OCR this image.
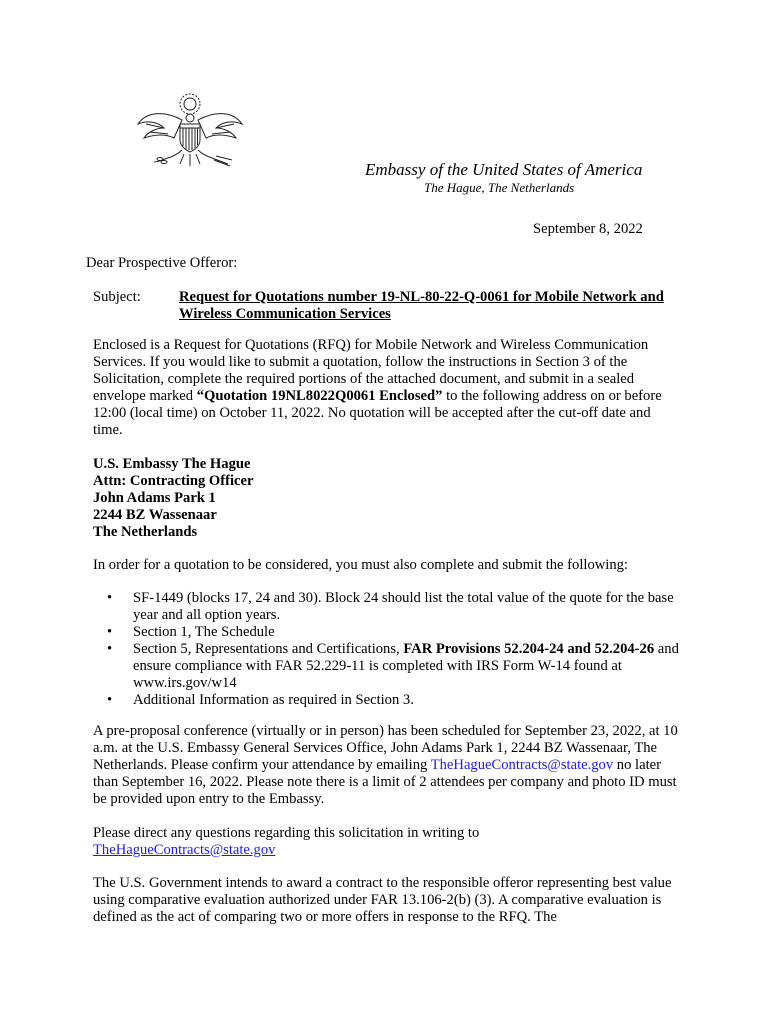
Embassy of the United States of America
The Hague, The Netherlands
September 8, 2022
Dear Prospective Offeror:
Subject:	Request for Quotations number 19-NL-80-22-Q-0061 for Mobile Network and Wireless Communication Services
Enclosed is a Request for Quotations (RFQ) for Mobile Network and Wireless Communication Services. If you would like to submit a quotation, follow the instructions in Section 3 of the Solicitation, complete the required portions of the attached document, and submit in a sealed envelope marked “Quotation 19NL8022Q0061 Enclosed” to the following address on or before 12:00 (local time) on October 11, 2022. No quotation will be accepted after the cut-off date and time.
U.S. Embassy The Hague
Attn: Contracting Officer
John Adams Park 1
2244 BZ Wassenaar
The Netherlands
In order for a quotation to be considered, you must also complete and submit the following:
• SF-1449 (blocks 17, 24 and 30). Block 24 should list the total value of the quote for the base year and all option years.
• Section 1, The Schedule
• Section 5, Representations and Certifications, FAR Provisions 52.204-24 and 52.204-26 and ensure compliance with FAR 52.229-11 is completed with IRS Form W-14 found at www.irs.gov/w14
• Additional Information as required in Section 3.
A pre-proposal conference (virtually or in person) has been scheduled for September 23, 2022, at 10 a.m. at the U.S. Embassy General Services Office, John Adams Park 1, 2244 BZ Wassenaar, The Netherlands. Please confirm your attendance by emailing TheHagueContracts@state.gov no later than September 16, 2022. Please note there is a limit of 2 attendees per company and photo ID must be provided upon entry to the Embassy.
Please direct any questions regarding this solicitation in writing to
TheHagueContracts@state.gov
The U.S. Government intends to award a contract to the responsible offeror representing best value using comparative evaluation authorized under FAR 13.106-2(b) (3). A comparative evaluation is defined as the act of comparing two or more offers in response to the RFQ. The
